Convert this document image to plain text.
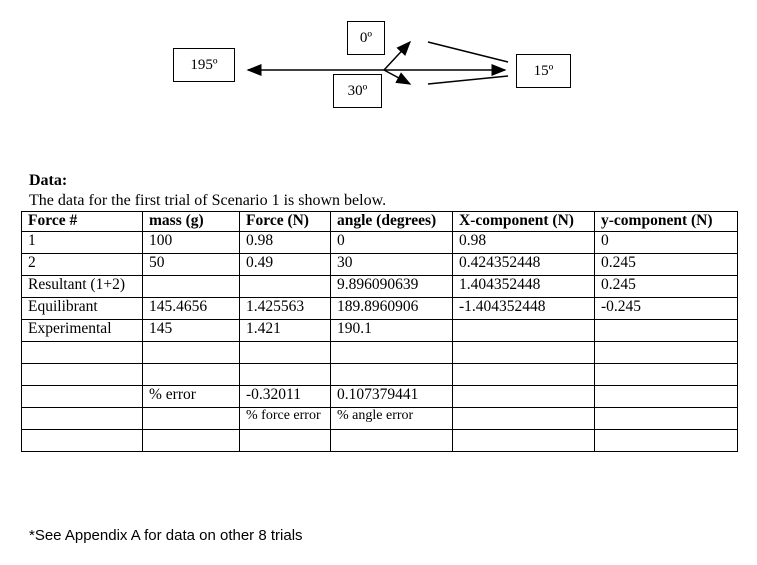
195º
0º
30º
15º
Data:
The data for the first trial of Scenario 1 is shown below.
Force #	mass (g)	Force (N)	angle (degrees)	X-component (N)	y-component (N)
1	100	0.98	0	0.98	0
2	50	0.49	30	0.424352448	0.245
Resultant (1+2)			9.896090639	1.404352448	0.245
Equilibrant	145.4656	1.425563	189.8960906	-1.404352448	-0.245
Experimental	145	1.421	190.1		

	% error	-0.32011	0.107379441		
		% force error	% angle error		

*See Appendix A for data on other 8 trials
